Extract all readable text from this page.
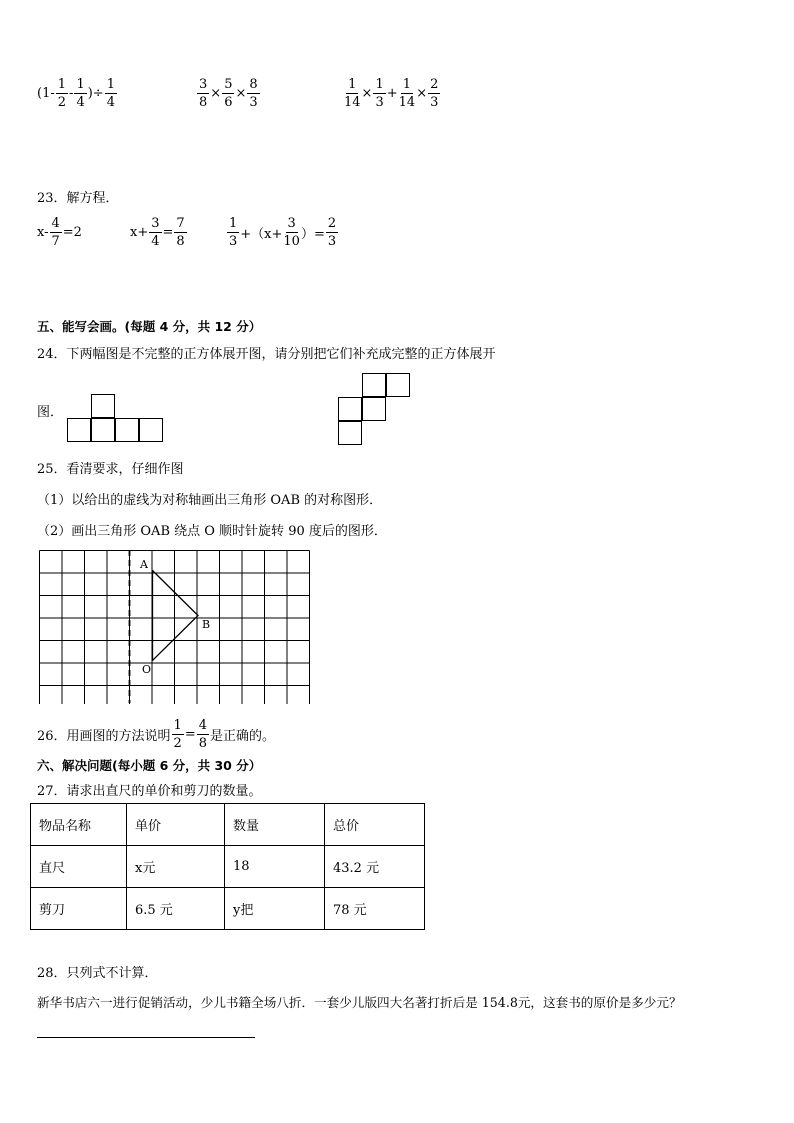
($1- \frac{1}{2} - \frac{1}{4}$ )÷ $\frac{1}{4}$	$\frac{3}{8} \times \frac{5}{6} \times \frac{8}{3}$	$\frac{1}{14} \times \frac{1}{3} + \frac{1}{14} \times \frac{2}{3}$
23．解方程．
$x- \frac{4}{7} =2$	$x+ \frac{3}{4} = \frac{7}{8}$	$\frac{1}{3} +(x+ \frac{3}{10}$ ）= $\frac{2}{3}$
五、能写会画。(每题 4 分，共 12 分）
24．下两幅图是不完整的正方体展开图，请分别把它们补充成完整的正方体展开
图．
25．看清要求，仔细作图
（1）以给出的虚线为对称轴画出三角形 OAB 的对称图形．
（2）画出三角形 OAB 绕点 O 顺时针旋转 90 度后的图形．
A
B
O
26．用画图的方法说明 $\frac{1}{2} = \frac{4}{8}$ 是正确的。
六、解决问题(每小题 6 分，共 30 分）
27．请求出直尺的单价和剪刀的数量。
物品名称	单价	数量	总价
直尺	x元	18	43.2 元
剪刀	6.5 元	y把	78 元
28．只列式不计算．
新华书店六一进行促销活动，少儿书籍全场八折．一套少儿版四大名著打折后是 154.8元，这套书的原价是多少元？
